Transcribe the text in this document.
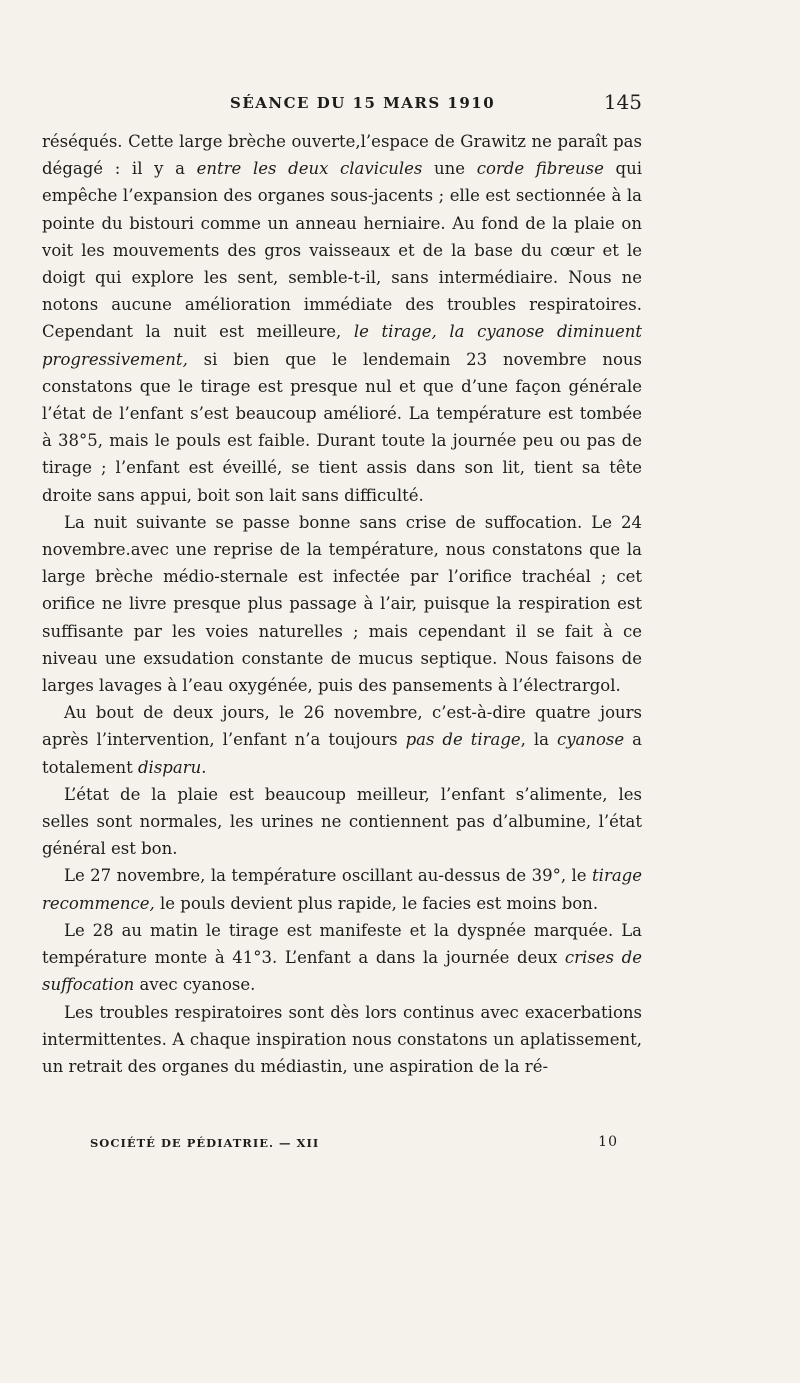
SÉANCE DU 15 MARS 1910	145

réséqués. Cette large brèche ouverte,l’espace de Grawitz ne paraît pas dégagé : il y a entre les deux clavicules une corde fibreuse qui empêche l’expansion des organes sous-jacents ; elle est sectionnée à la pointe du bistouri comme un anneau herniaire. Au fond de la plaie on voit les mouvements des gros vaisseaux et de la base du cœur et le doigt qui explore les sent, semble-t-il, sans intermédiaire. Nous ne notons aucune amélioration immédiate des troubles respiratoires. Cependant la nuit est meilleure, le tirage, la cyanose diminuent progressivement, si bien que le lendemain 23 novembre nous constatons que le tirage est presque nul et que d’une façon générale l’état de l’enfant s’est beaucoup amélioré. La température est tombée à 38°5, mais le pouls est faible. Durant toute la journée peu ou pas de tirage ; l’enfant est éveillé, se tient assis dans son lit, tient sa tête droite sans appui, boit son lait sans difficulté.

La nuit suivante se passe bonne sans crise de suffocation. Le 24 novembre.avec une reprise de la température, nous constatons que la large brèche médio-sternale est infectée par l’orifice trachéal ; cet orifice ne livre presque plus passage à l’air, puisque la respiration est suffisante par les voies naturelles ; mais cependant il se fait à ce niveau une exsudation constante de mucus septique. Nous faisons de larges lavages à l’eau oxygénée, puis des pansements à l’électrargol.

Au bout de deux jours, le 26 novembre, c’est-à-dire quatre jours après l’intervention, l’enfant n’a toujours pas de tirage, la cyanose a totalement disparu.

L’état de la plaie est beaucoup meilleur, l’enfant s’alimente, les selles sont normales, les urines ne contiennent pas d’albumine, l’état général est bon.

Le 27 novembre, la température oscillant au-dessus de 39°, le tirage recommence, le pouls devient plus rapide, le facies est moins bon.

Le 28 au matin le tirage est manifeste et la dyspnée marquée. La température monte à 41°3. L’enfant a dans la journée deux crises de suffocation avec cyanose.

Les troubles respiratoires sont dès lors continus avec exacerbations intermittentes. A chaque inspiration nous constatons un aplatissement, un retrait des organes du médiastin, une aspiration de la ré-

SOCIÉTÉ DE PÉDIATRIE. — XII	10
